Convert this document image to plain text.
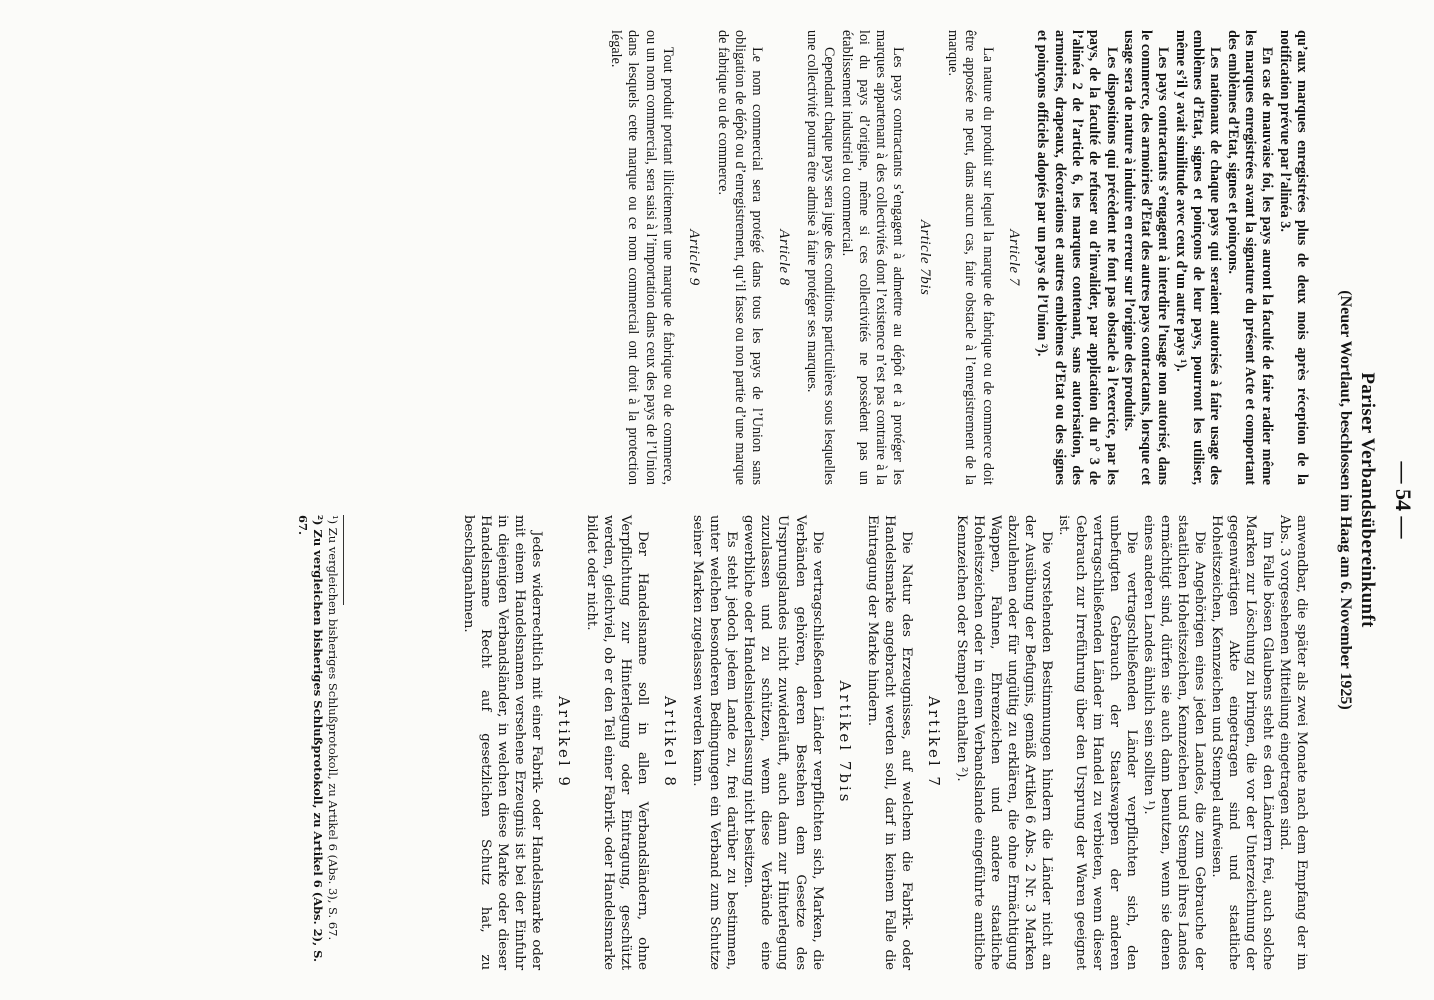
— 54 —
Pariser Verbandsübereinkunft
(Neuer Wortlaut, beschlossen im Haag am 6. November 1925)

qu’aux marques enregistrées plus de deux mois après réception de la notification prévue par l’alinéa 3.

En cas de mauvaise foi, les pays auront la faculté de faire radier même les marques enregistrées avant la signature du présent Acte et comportant des emblèmes d’Etat, signes et poinçons.

Les nationaux de chaque pays qui seraient autorisés à faire usage des emblèmes d’Etat, signes et poinçons de leur pays, pourront les utiliser, même s’il y avait similitude avec ceux d’un autre pays ¹).

Les pays contractants s’engagent à interdire l’usage non autorisé, dans le commerce, des armoiries d’Etat des autres pays contractants, lorsque cet usage sera de nature à induire en erreur sur l’origine des produits.

Les dispositions qui précèdent ne font pas obstacle à l’exercice, par les pays, de la faculté de refuser ou d’invalider, par application du n° 3 de l’alinéa 2 de l’article 6, les marques contenant, sans autorisation, des armoiries, drapeaux, décorations et autres emblèmes d’Etat ou des signes et poinçons officiels adoptés par un pays de l’Union ²).

Article 7

La nature du produit sur lequel la marque de fabrique ou de commerce doit être apposée ne peut, dans aucun cas, faire obstacle à l’enregistrement de la marque.

Article 7bis

Les pays contractants s’engagent à admettre au dépôt et à protéger les marques appartenant à des collectivités dont l’existence n’est pas contraire à la loi du pays d’origine, même si ces collectivités ne possèdent pas un établissement industriel ou commercial.

Cependant chaque pays sera juge des conditions particulières sous lesquelles une collectivité pourra être admise à faire protéger ses marques.

Article 8

Le nom commercial sera protégé dans tous les pays de l’Union sans obligation de dépôt ou d’enregistrement, qu’il fasse ou non partie d’une marque de fabrique ou de commerce.

Article 9

Tout produit portant illicitement une marque de fabrique ou de commerce, ou un nom commercial, sera saisi à l’importation dans ceux des pays de l’Union dans lesquels cette marque ou ce nom commercial ont droit à la protection légale.

anwendbar, die später als zwei Monate nach dem Empfang der im Abs. 3 vorgesehenen Mitteilung eingetragen sind.

Im Falle bösen Glaubens steht es den Ländern frei, auch solche Marken zur Löschung zu bringen, die vor der Unterzeichnung der gegenwärtigen Akte eingetragen sind und staatliche Hoheitszeichen, Kennzeichen und Stempel aufweisen.

Die Angehörigen eines jeden Landes, die zum Gebrauche der staatlichen Hoheitszeichen, Kennzeichen und Stempel ihres Landes ermächtigt sind, dürfen sie auch dann benutzen, wenn sie denen eines anderen Landes ähnlich sein sollten ¹).

Die vertragschließenden Länder verpflichten sich, den unbefugten Gebrauch der Staatswappen der anderen vertragschließenden Länder im Handel zu verbieten, wenn dieser Gebrauch zur Irreführung über den Ursprung der Waren geeignet ist.

Die vorstehenden Bestimmungen hindern die Länder nicht an der Ausübung der Befugnis, gemäß Artikel 6 Abs. 2 Nr. 3 Marken abzulehnen oder für ungültig zu erklären, die ohne Ermächtigung Wappen, Fahnen, Ehrenzeichen und andere staatliche Hoheitszeichen oder in einem Verbandslande eingeführte amtliche Kennzeichen oder Stempel enthalten ²).

Artikel 7

Die Natur des Erzeugnisses, auf welchem die Fabrik- oder Handelsmarke angebracht werden soll, darf in keinem Falle die Eintragung der Marke hindern.

Artikel 7bis

Die vertragschließenden Länder verpflichten sich, Marken, die Verbänden gehören, deren Bestehen dem Gesetze des Ursprungslandes nicht zuwiderläuft, auch dann zur Hinterlegung zuzulassen und zu schützen, wenn diese Verbände eine gewerbliche oder Handelsniederlassung nicht besitzen.

Es steht jedoch jedem Lande zu, frei darüber zu bestimmen, unter welchen besonderen Bedingungen ein Verband zum Schutze seiner Marken zugelassen werden kann.

Artikel 8

Der Handelsname soll in allen Verbandsländern, ohne Verpflichtung zur Hinterlegung oder Eintragung, geschützt werden, gleichviel, ob er den Teil einer Fabrik- oder Handelsmarke bildet oder nicht.

Artikel 9

Jedes widerrechtlich mit einer Fabrik- oder Handelsmarke oder mit einem Handelsnamen versehene Erzeugnis ist bei der Einfuhr in diejenigen Verbandsländer, in welchen diese Marke oder dieser Handelsname Recht auf gesetzlichen Schutz hat, zu beschlagnahmen.

¹) Zu vergleichen bisheriges Schlußprotokoll, zu Artikel 6 (Abs. 3), S. 67.
²) Zu vergleichen bisheriges Schlußprotokoll, zu Artikel 6 (Abs. 2), S. 67.
